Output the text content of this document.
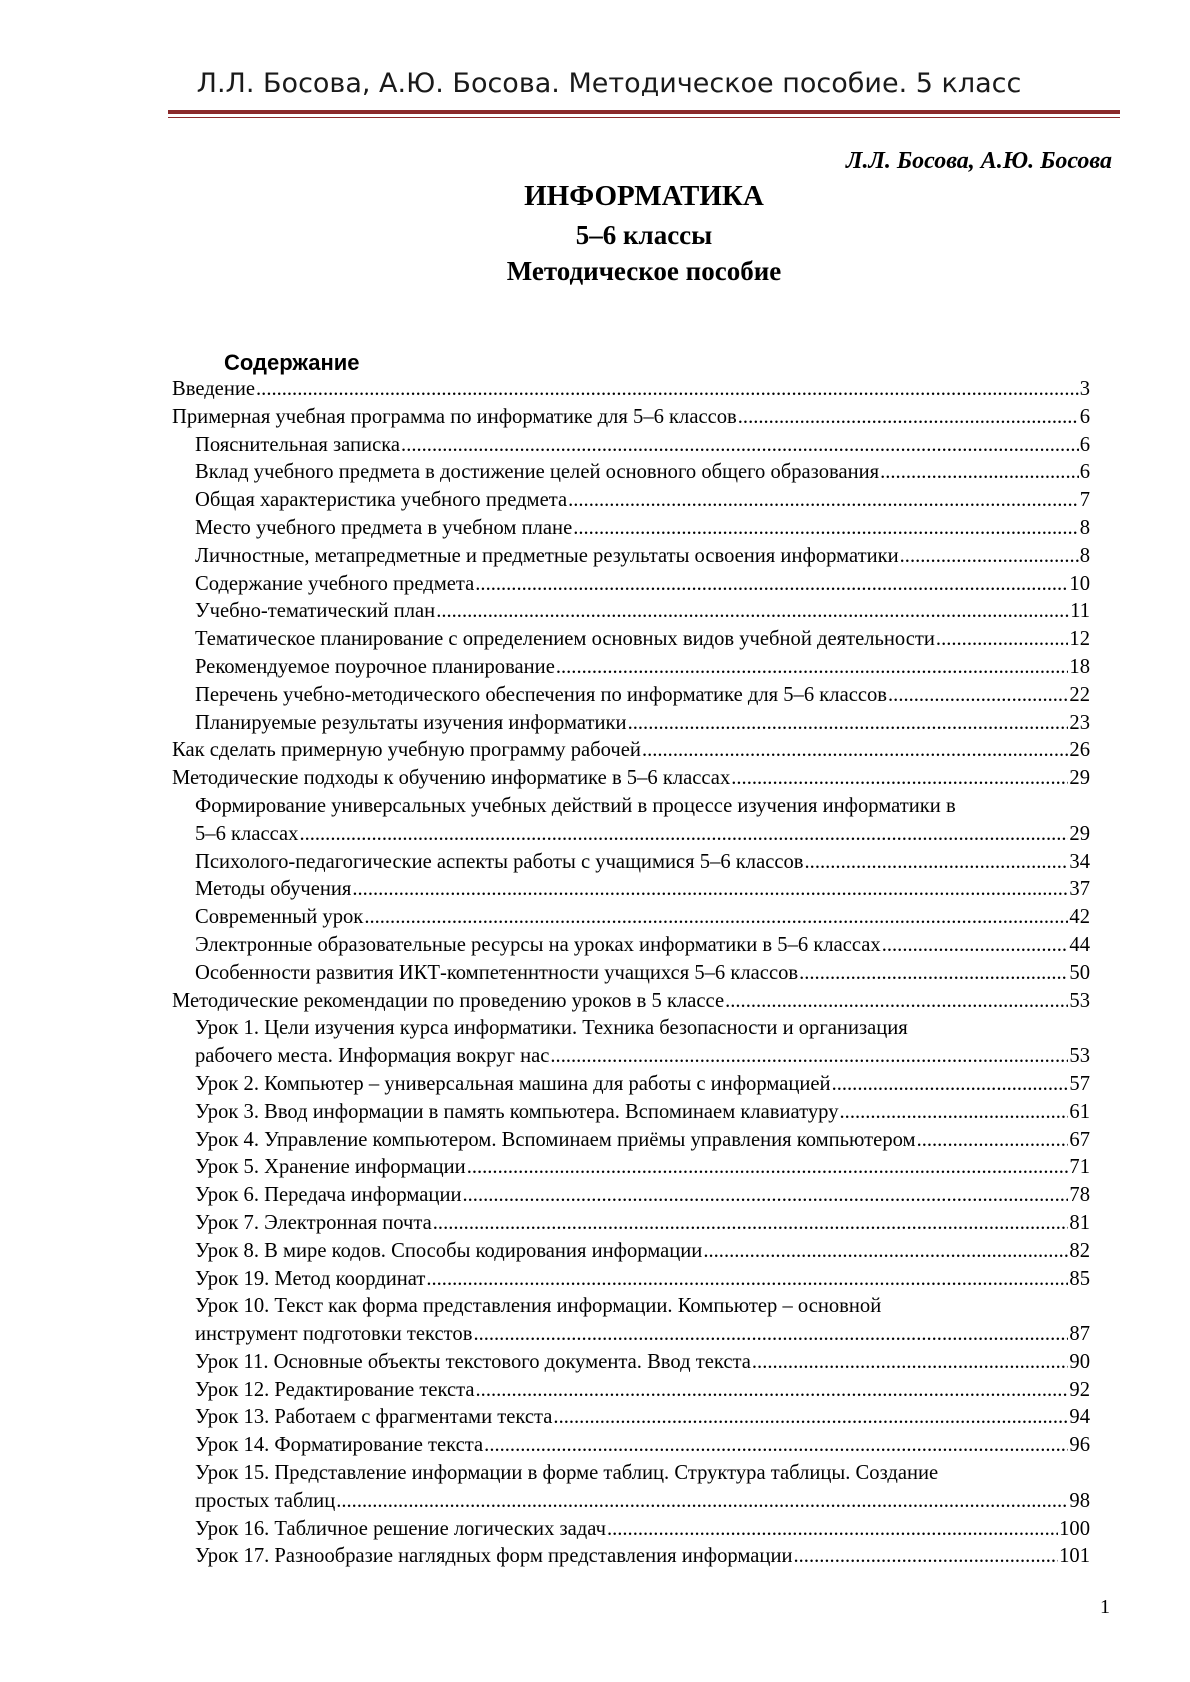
Л.Л. Босова, А.Ю. Босова. Методическое пособие. 5 класс
Л.Л. Босова, А.Ю. Босова
ИНФОРМАТИКА
5–6 классы
Методическое пособие
Содержание
Введение .....	3
Примерная учебная программа по информатике для 5–6 классов .....	6
Пояснительная записка .....	6
Вклад учебного предмета в достижение целей основного общего образования .....	6
Общая характеристика учебного предмета .....	7
Место учебного предмета в учебном плане .....	8
Личностные, метапредметные и предметные результаты освоения информатики .....	8
Содержание учебного предмета .....	10
Учебно-тематический план .....	11
Тематическое планирование с определением основных видов учебной деятельности .....	12
Рекомендуемое поурочное планирование .....	18
Перечень учебно-методического обеспечения по информатике для 5–6 классов .....	22
Планируемые результаты изучения информатики .....	23
Как сделать примерную учебную программу рабочей .....	26
Методические подходы к обучению информатике в 5–6 классах .....	29
Формирование универсальных учебных действий в процессе изучения информатики в
5–6 классах .....	29
Психолого-педагогические аспекты работы с учащимися 5–6 классов .....	34
Методы обучения .....	37
Современный урок .....	42
Электронные образовательные ресурсы на уроках информатики в 5–6 классах .....	44
Особенности развития ИКТ-компетеннтности учащихся 5–6 классов .....	50
Методические рекомендации по проведению уроков в 5 классе .....	53
Урок 1. Цели изучения курса информатики. Техника безопасности и организация
рабочего места. Информация вокруг нас .....	53
Урок 2. Компьютер – универсальная машина для работы с информацией .....	57
Урок 3. Ввод информации в память компьютера. Вспоминаем клавиатуру .....	61
Урок 4. Управление компьютером. Вспоминаем приёмы управления компьютером .....	67
Урок 5. Хранение информации .....	71
Урок 6. Передача информации .....	78
Урок 7. Электронная почта .....	81
Урок 8. В мире кодов. Способы кодирования информации .....	82
Урок 19. Метод координат .....	85
Урок 10. Текст как форма представления информации. Компьютер – основной
инструмент подготовки текстов .....	87
Урок 11. Основные объекты текстового документа. Ввод текста .....	90
Урок 12. Редактирование текста .....	92
Урок 13. Работаем с фрагментами текста .....	94
Урок 14. Форматирование текста .....	96
Урок 15. Представление информации в форме таблиц. Структура таблицы. Создание
простых таблиц .....	98
Урок 16. Табличное решение логических задач .....	100
Урок 17. Разнообразие наглядных форм представления информации .....	101
1
